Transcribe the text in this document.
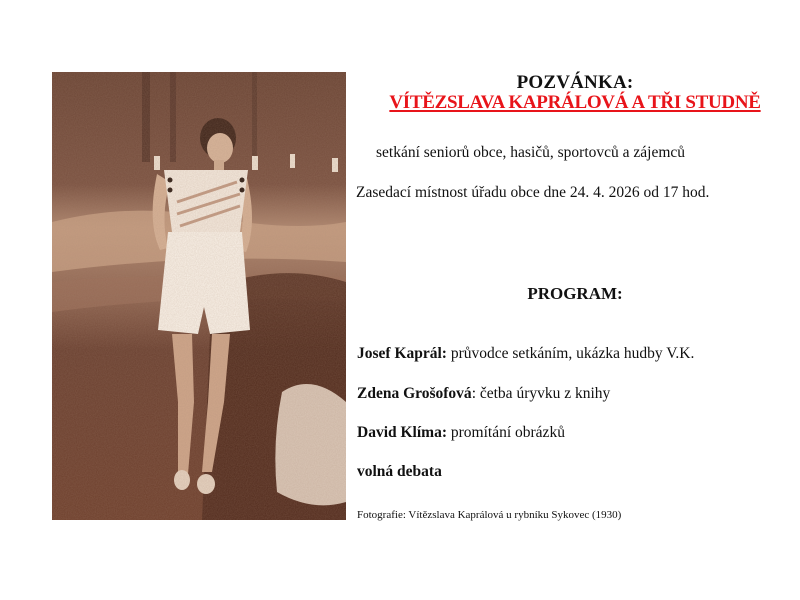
POZVÁNKA:
VÍTĚZSLAVA KAPRÁLOVÁ A TŘI STUDNĚ
setkání seniorů obce, hasičů, sportovců a zájemců
Zasedací místnost úřadu obce dne 24. 4. 2026 od 17 hod.
PROGRAM:
Josef Kaprál: průvodce setkáním, ukázka hudby V.K.
Zdena Grošofová: četba úryvku z knihy
David Klíma: promítání obrázků
volná debata
Fotografie: Vítězslava Kaprálová u rybníku Sykovec (1930)
